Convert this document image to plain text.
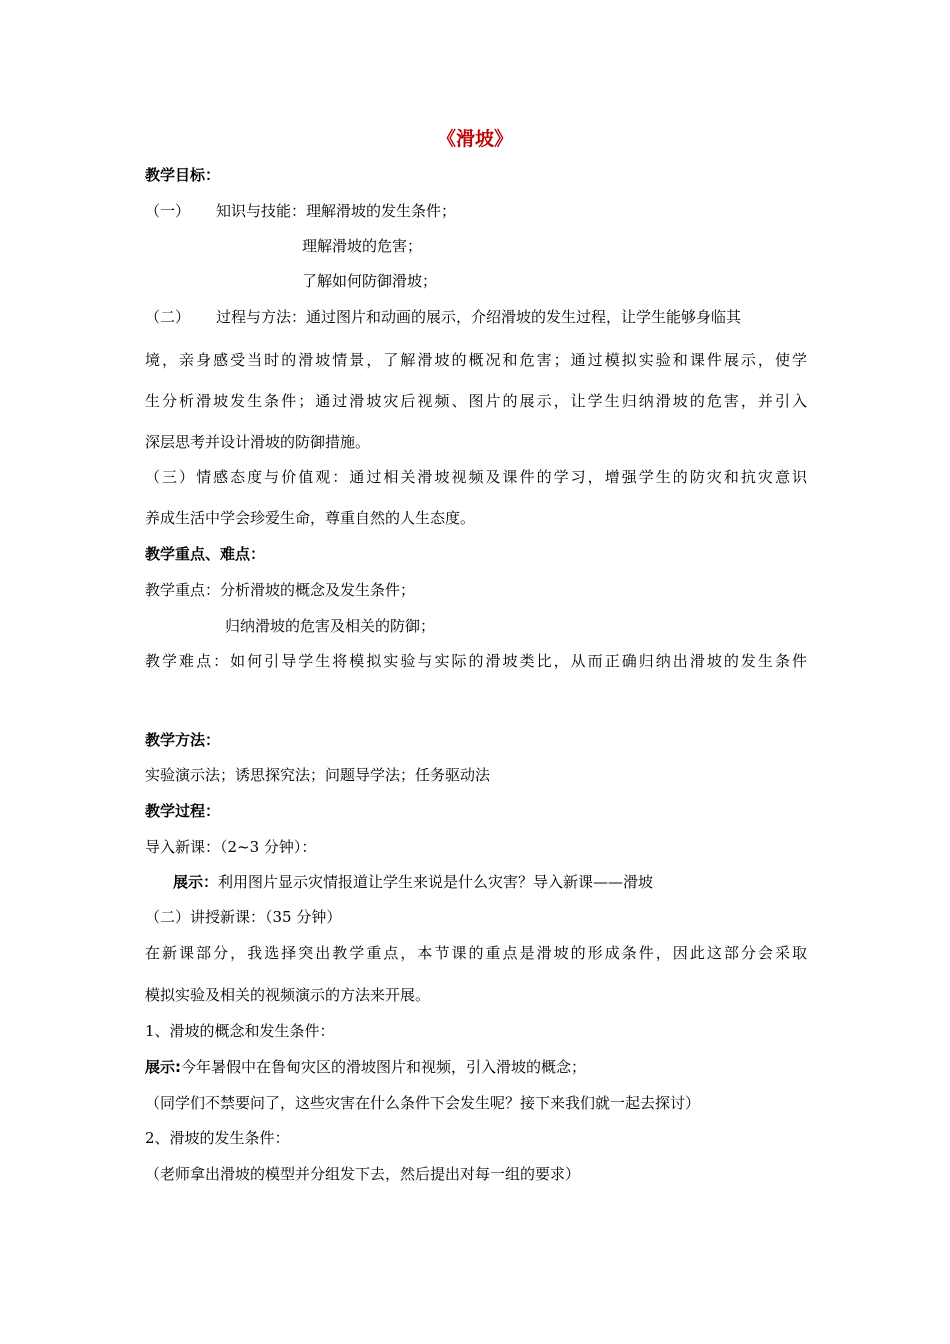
《滑坡》
教学目标：
（一） 知识与技能：理解滑坡的发生条件；
理解滑坡的危害；
了解如何防御滑坡；
（二） 过程与方法：通过图片和动画的展示，介绍滑坡的发生过程，让学生能够身临其
境，亲身感受当时的滑坡情景，了解滑坡的概况和危害；通过模拟实验和课件展示，使学
生分析滑坡发生条件；通过滑坡灾后视频、图片的展示，让学生归纳滑坡的危害，并引入
深层思考并设计滑坡的防御措施。
（三）情感态度与价值观：通过相关滑坡视频及课件的学习，增强学生的防灾和抗灾意识
养成生活中学会珍爱生命，尊重自然的人生态度。
教学重点、难点：
教学重点：分析滑坡的概念及发生条件；
归纳滑坡的危害及相关的防御；
教学难点：如何引导学生将模拟实验与实际的滑坡类比，从而正确归纳出滑坡的发生条件
教学方法：
实验演示法；诱思探究法；问题导学法；任务驱动法
教学过程：
导入新课：（2~3 分钟）：
展示：利用图片显示灾情报道让学生来说是什么灾害？导入新课——滑坡
（二）讲授新课：（35 分钟）
在新课部分，我选择突出教学重点，本节课的重点是滑坡的形成条件，因此这部分会采取
模拟实验及相关的视频演示的方法来开展。
1、滑坡的概念和发生条件：
展示:今年暑假中在鲁甸灾区的滑坡图片和视频，引入滑坡的概念；
（同学们不禁要问了，这些灾害在什么条件下会发生呢？接下来我们就一起去探讨）
2、滑坡的发生条件：
（老师拿出滑坡的模型并分组发下去，然后提出对每一组的要求）
